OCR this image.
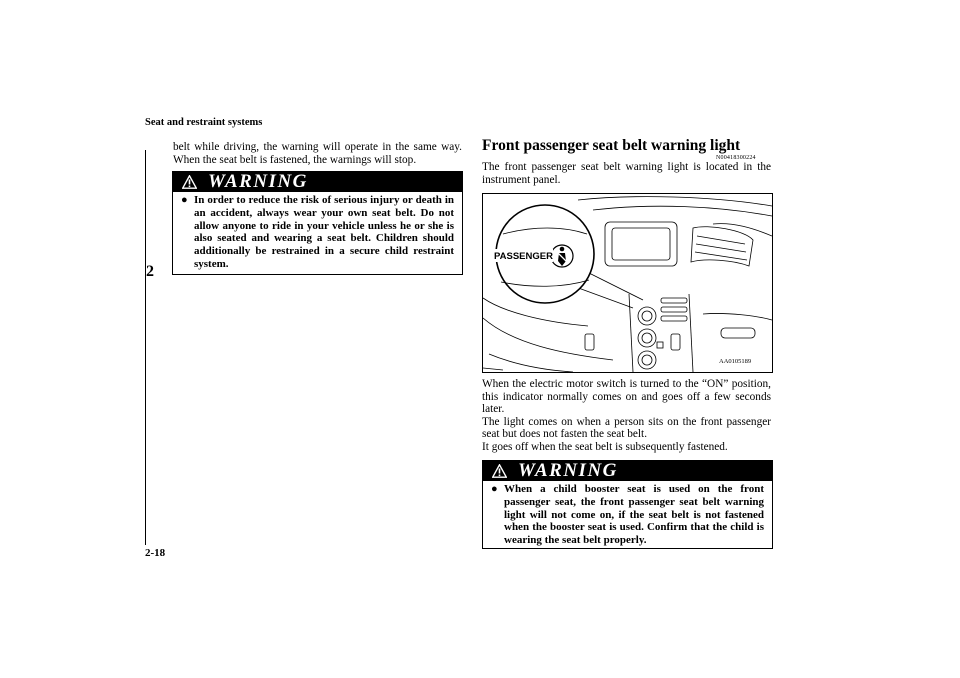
Seat and restraint systems
2
2-18

belt while driving, the warning will operate in the same way. When the seat belt is fastened, the warnings will stop.

WARNING
● In order to reduce the risk of serious injury or death in an accident, always wear your own seat belt. Do not allow anyone to ride in your vehicle unless he or she is also seated and wearing a seat belt. Children should additionally be restrained in a secure child restraint system.
Front passenger seat belt warning light
N00418300224

The front passenger seat belt warning light is located in the instrument panel.

PASSENGER
AA0105189

When the electric motor switch is turned to the “ON” position, this indicator normally comes on and goes off a few seconds later.

The light comes on when a person sits on the front passenger seat but does not fasten the seat belt.

It goes off when the seat belt is subsequently fastened.

WARNING
● When a child booster seat is used on the front passenger seat, the front passenger seat belt warning light will not come on, if the seat belt is not fastened when the booster seat is used. Confirm that the child is wearing the seat belt properly.
